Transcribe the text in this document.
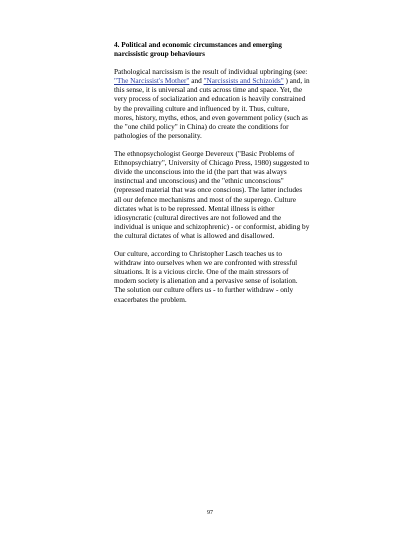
4. Political and economic circumstances and emerging narcissistic group behaviours

Pathological narcissism is the result of individual upbringing (see: "The Narcissist's Mother" and "Narcissists and Schizoids" ) and, in this sense, it is universal and cuts across time and space. Yet, the very process of socialization and education is heavily constrained by the prevailing culture and influenced by it. Thus, culture, mores, history, myths, ethos, and even government policy (such as the "one child policy" in China) do create the conditions for pathologies of the personality.

The ethnopsychologist George Devereux ("Basic Problems of Ethnopsychiatry", University of Chicago Press, 1980) suggested to divide the unconscious into the id (the part that was always instinctual and unconscious) and the "ethnic unconscious" (repressed material that was once conscious). The latter includes all our defence mechanisms and most of the superego. Culture dictates what is to be repressed. Mental illness is either idiosyncratic (cultural directives are not followed and the individual is unique and schizophrenic) - or conformist, abiding by the cultural dictates of what is allowed and disallowed.

Our culture, according to Christopher Lasch teaches us to withdraw into ourselves when we are confronted with stressful situations. It is a vicious circle. One of the main stressors of modern society is alienation and a pervasive sense of isolation. The solution our culture offers us - to further withdraw - only exacerbates the problem.

97
